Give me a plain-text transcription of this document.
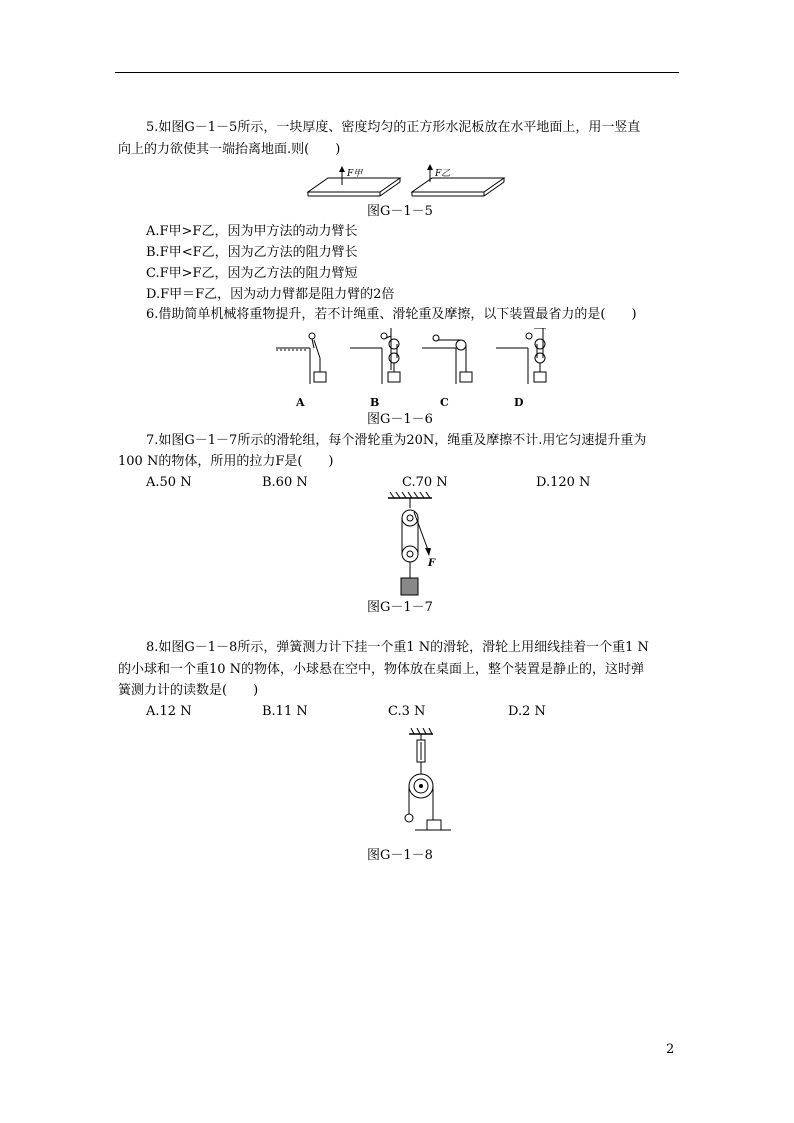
5.如图G－1－5所示，一块厚度、密度均匀的正方形水泥板放在水平地面上，用一竖直
向上的力欲使其一端抬离地面.则(　　)
F甲	F乙
图G－1－5
A.F甲>F乙，因为甲方法的动力臂长
B.F甲<F乙，因为乙方法的阻力臂长
C.F甲>F乙，因为乙方法的阻力臂短
D.F甲＝F乙，因为动力臂都是阻力臂的2倍
6.借助简单机械将重物提升，若不计绳重、滑轮重及摩擦，以下装置最省力的是(　　)
A	B	C	D
图G－1－6
7.如图G－1－7所示的滑轮组，每个滑轮重为20N，绳重及摩擦不计.用它匀速提升重为
100 N的物体，所用的拉力F是(　　)
A.50 N	B.60 N	C.70 N	D.120 N
F
图G－1－7
8.如图G－1－8所示，弹簧测力计下挂一个重1 N的滑轮，滑轮上用细线挂着一个重1 N
的小球和一个重10 N的物体，小球悬在空中，物体放在桌面上，整个装置是静止的，这时弹
簧测力计的读数是(　　)
A.12 N	B.11 N	C.3 N	D.2 N
图G－1－8
2
